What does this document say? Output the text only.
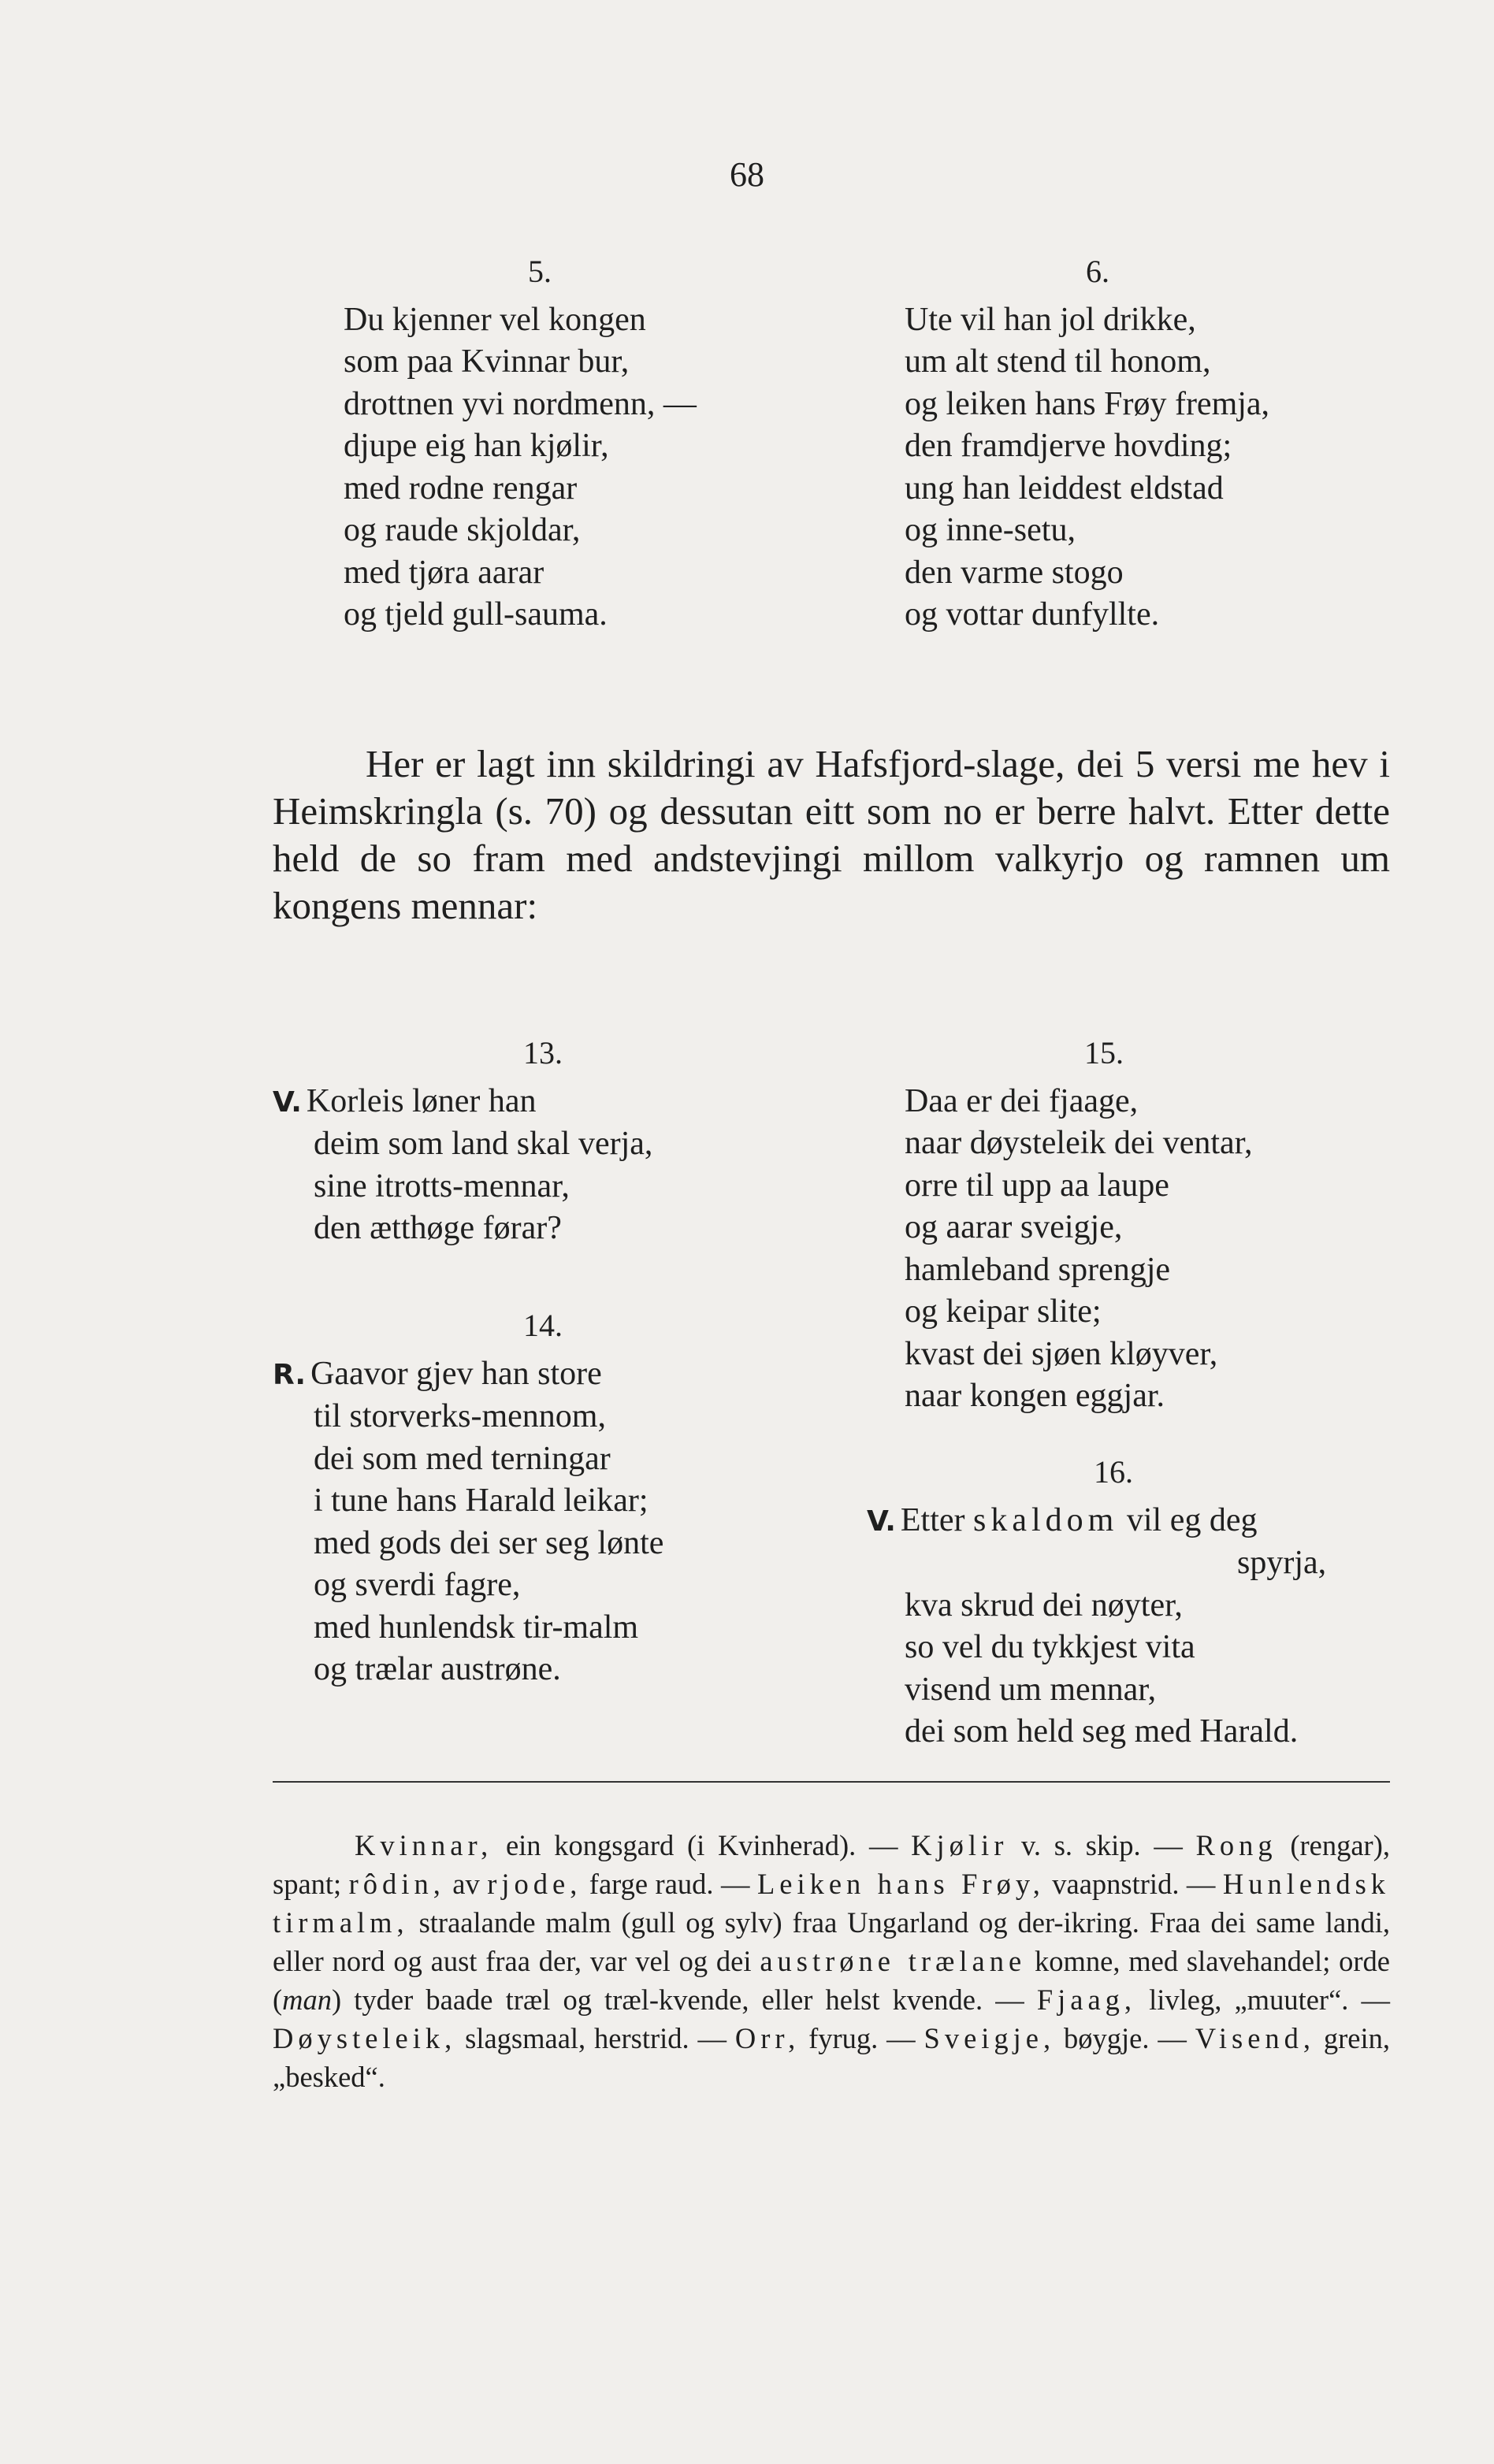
68
5.
Du kjenner vel kongen
som paa Kvinnar bur,
drottnen yvi nordmenn, —
djupe eig han kjølir,
med rodne rengar
og raude skjoldar,
med tjøra aarar
og tjeld gull-sauma.
6.
Ute vil han jol drikke,
um alt stend til honom,
og leiken hans Frøy fremja,
den framdjerve hovding;
ung han leiddest eldstad
og inne-setu,
den varme stogo
og vottar dunfyllte.

Her er lagt inn skildringi av Hafsfjord-slage, dei 5 versi me hev i Heimskringla (s. 70) og dessutan eitt som no er berre halvt. Etter dette held de so fram med andstevjingi millom valkyrjo og ramnen um kongens mennar:

13.
V. Korleis løner han
deim som land skal verja,
sine itrotts-mennar,
den ætthøge førar?
14.
R. Gaavor gjev han store
til storverks-mennom,
dei som med terningar
i tune hans Harald leikar;
med gods dei ser seg lønte
og sverdi fagre,
med hunlendsk tir-malm
og trælar austrøne.
15.
Daa er dei fjaage,
naar døysteleik dei ventar,
orre til upp aa laupe
og aarar sveigje,
hamleband sprengje
og keipar slite;
kvast dei sjøen kløyver,
naar kongen eggjar.
16.
V. Etter skaldom vil eg deg
spyrja,
kva skrud dei nøyter,
so vel du tykkjest vita
visend um mennar,
dei som held seg med Harald.

Kvinnar, ein kongsgard (i Kvinherad). — Kjølir v. s. skip. — Rong (rengar), spant; rôdin, av rjode, farge raud. — Leiken hans Frøy, vaapnstrid. — Hunlendsk tirmalm, straalande malm (gull og sylv) fraa Ungarland og der-ikring. Fraa dei same landi, eller nord og aust fraa der, var vel og dei austrøne trælane komne, med slavehandel; orde (man) tyder baade træl og træl-kvende, eller helst kvende. — Fjaag, livleg, „muuter“. — Døysteleik, slagsmaal, herstrid. — Orr, fyrug. — Sveigje, bøygje. — Visend, grein, „besked“.
